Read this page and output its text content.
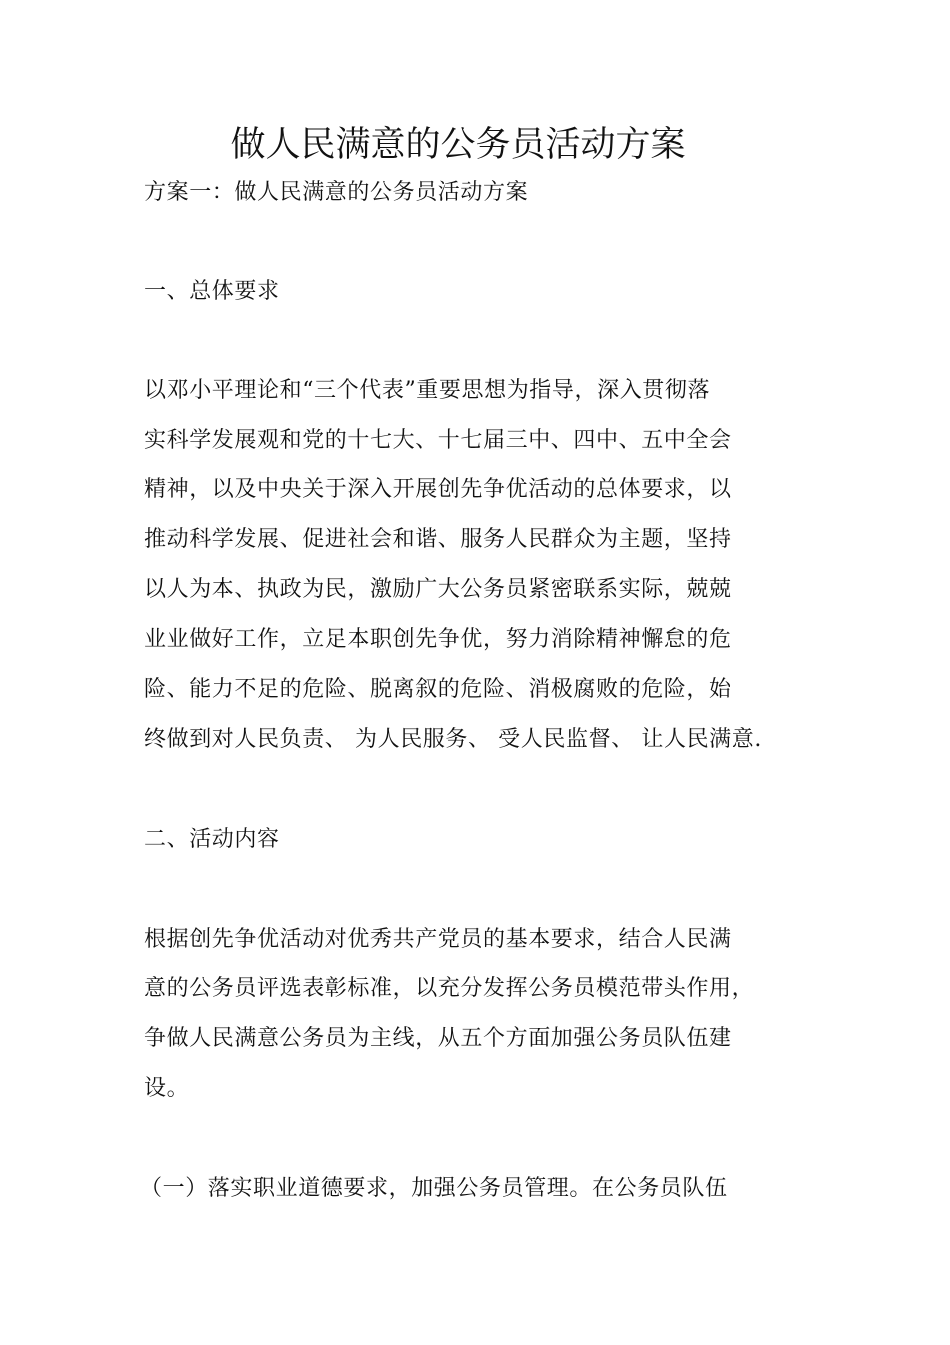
做人民满意的公务员活动方案
方案一：做人民满意的公务员活动方案
一、总体要求
以邓小平理论和“三个代表”重要思想为指导，深入贯彻落
实科学发展观和党的十七大、十七届三中、四中、五中全会
精神，以及中央关于深入开展创先争优活动的总体要求，以
推动科学发展、促进社会和谐、服务人民群众为主题，坚持
以人为本、执政为民，激励广大公务员紧密联系实际，兢兢
业业做好工作，立足本职创先争优，努力消除精神懈怠的危
险、能力不足的危险、脱离叙的危险、消极腐败的危险，始
终做到对人民负责、 为人民服务、 受人民监督、 让人民满意.
二、活动内容
根据创先争优活动对优秀共产党员的基本要求，结合人民满
意的公务员评选表彰标准，以充分发挥公务员模范带头作用，
争做人民满意公务员为主线，从五个方面加强公务员队伍建
设。
（一）落实职业道德要求，加强公务员管理。在公务员队伍
